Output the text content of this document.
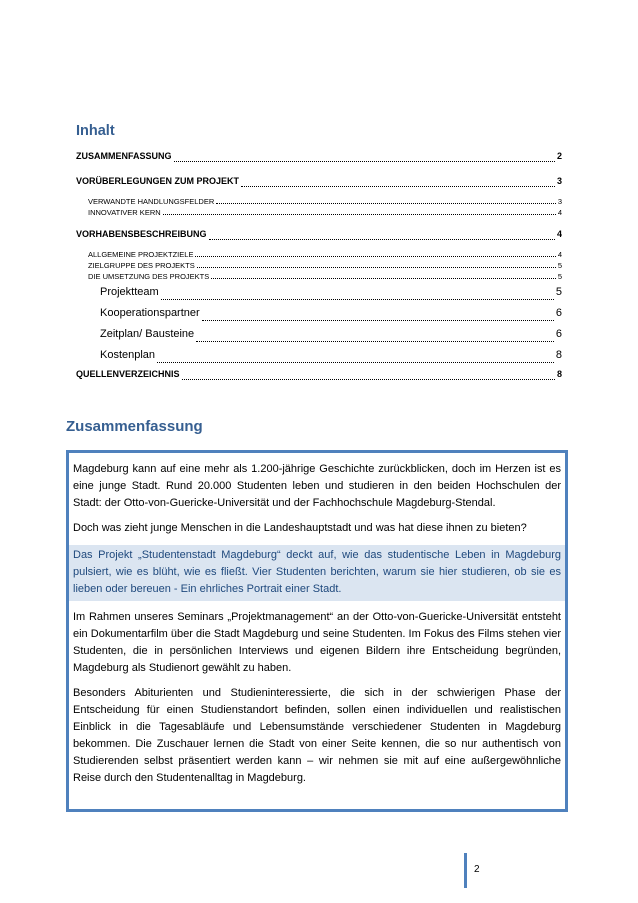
Inhalt
ZUSAMMENFASSUNG	2
VORÜBERLEGUNGEN ZUM PROJEKT	3
VERWANDTE HANDLUNGSFELDER	3
INNOVATIVER KERN	4
VORHABENSBESCHREIBUNG	4
ALLGEMEINE PROJEKTZIELE	4
ZIELGRUPPE DES PROJEKTS	5
DIE UMSETZUNG DES PROJEKTS	5
Projektteam	5
Kooperationspartner	6
Zeitplan/ Bausteine	6
Kostenplan	8
QUELLENVERZEICHNIS	8
Zusammenfassung

Magdeburg kann auf eine mehr als 1.200-jährige Geschichte zurückblicken, doch im Herzen ist es eine junge Stadt. Rund 20.000 Studenten leben und studieren in den beiden Hochschulen der Stadt: der Otto-von-Guericke-Universität und der Fachhochschule Magdeburg-Stendal.

Doch was zieht junge Menschen in die Landeshauptstadt und was hat diese ihnen zu bieten?

Das Projekt „Studentenstadt Magdeburg“ deckt auf, wie das studentische Leben in Magdeburg pulsiert, wie es blüht, wie es fließt. Vier Studenten berichten, warum sie hier studieren, ob sie es lieben oder bereuen - Ein ehrliches Portrait einer Stadt.

Im Rahmen unseres Seminars „Projektmanagement“ an der Otto-von-Guericke-Universität entsteht ein Dokumentarfilm über die Stadt Magdeburg und seine Studenten. Im Fokus des Films stehen vier Studenten, die in persönlichen Interviews und eigenen Bildern ihre Entscheidung begründen, Magdeburg als Studienort gewählt zu haben.

Besonders Abiturienten und Studieninteressierte, die sich in der schwierigen Phase der Entscheidung für einen Studienstandort befinden, sollen einen individuellen und realistischen Einblick in die Tagesabläufe und Lebensumstände verschiedener Studenten in Magdeburg bekommen. Die Zuschauer lernen die Stadt von einer Seite kennen, die so nur authentisch von Studierenden selbst präsentiert werden kann – wir nehmen sie mit auf eine außergewöhnliche Reise durch den Studentenalltag in Magdeburg.

2
